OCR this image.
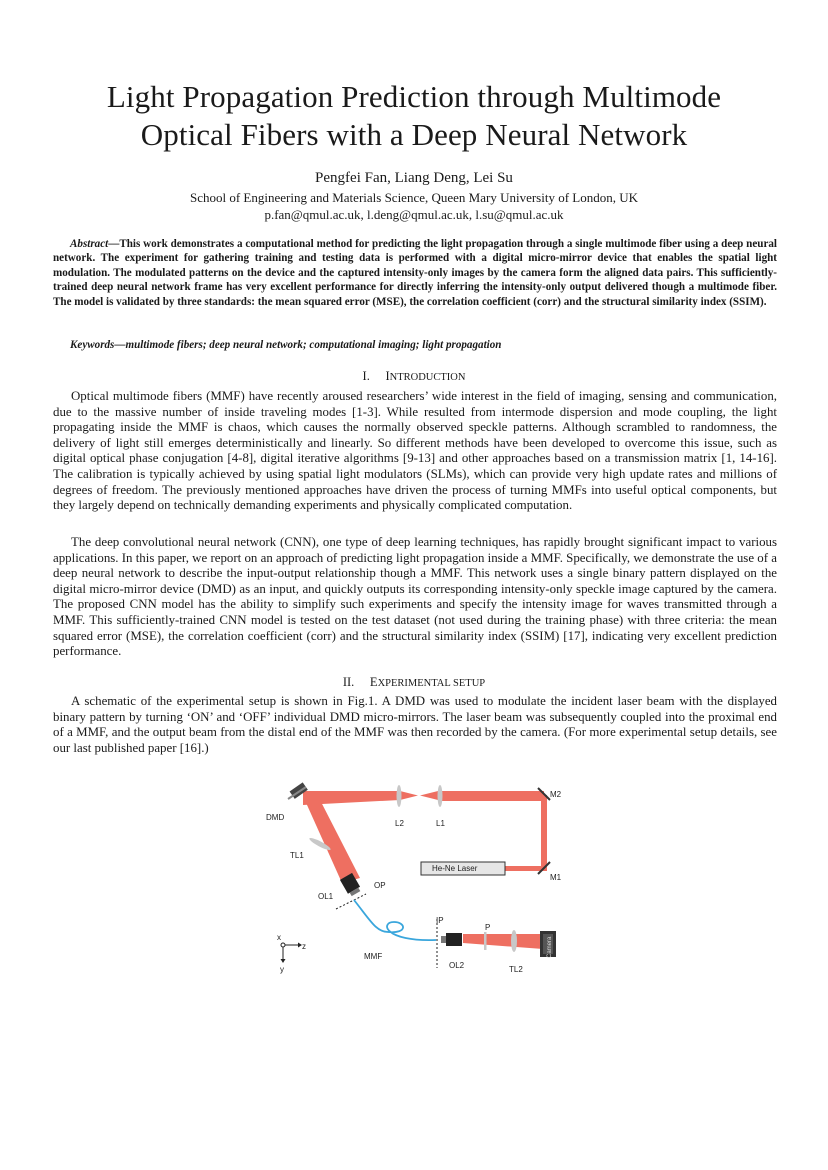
Light Propagation Prediction through Multimode
Optical Fibers with a Deep Neural Network
Pengfei Fan, Liang Deng, Lei Su
School of Engineering and Materials Science, Queen Mary University of London, UK
p.fan@qmul.ac.uk, l.deng@qmul.ac.uk, l.su@qmul.ac.uk

Abstract—This work demonstrates a computational method for predicting the light propagation through a single multimode fiber using a deep neural network. The experiment for gathering training and testing data is performed with a digital micro-mirror device that enables the spatial light modulation. The modulated patterns on the device and the captured intensity-only images by the camera form the aligned data pairs. This sufficiently-trained deep neural network frame has very excellent performance for directly inferring the intensity-only output delivered though a multimode fiber. The model is validated by three standards: the mean squared error (MSE), the correlation coefficient (corr) and the structural similarity index (SSIM).

Keywords—multimode fibers; deep neural network; computational imaging; light propagation

I. INTRODUCTION

Optical multimode fibers (MMF) have recently aroused researchers’ wide interest in the field of imaging, sensing and communication, due to the massive number of inside traveling modes [1-3]. While resulted from intermode dispersion and mode coupling, the light propagating inside the MMF is chaos, which causes the normally observed speckle patterns. Although scrambled to randomness, the delivery of light still emerges deterministically and linearly. So different methods have been developed to overcome this issue, such as digital optical phase conjugation [4-8], digital iterative algorithms [9-13] and other approaches based on a transmission matrix [1, 14-16]. The calibration is typically achieved by using spatial light modulators (SLMs), which can provide very high update rates and millions of degrees of freedom. The previously mentioned approaches have driven the process of turning MMFs into useful optical components, but they largely depend on technically demanding experiments and physically complicated computation.

The deep convolutional neural network (CNN), one type of deep learning techniques, has rapidly brought significant impact to various applications. In this paper, we report on an approach of predicting light propagation inside a MMF. Specifically, we demonstrate the use of a deep neural network to describe the input-output relationship though a MMF. This network uses a single binary pattern displayed on the digital micro-mirror device (DMD) as an input, and quickly outputs its corresponding intensity-only speckle image captured by the camera. The proposed CNN model has the ability to simplify such experiments and specify the intensity image for waves transmitted through a MMF. This sufficiently-trained CNN model is tested on the test dataset (not used during the training phase) with three criteria: the mean squared error (MSE), the correlation coefficient (corr) and the structural similarity index (SSIM) [17], indicating very excellent prediction performance.

II. EXPERIMENTAL SETUP

A schematic of the experimental setup is shown in Fig.1. A DMD was used to modulate the incident laser beam with the displayed binary pattern by turning ‘ON’ and ‘OFF’ individual DMD micro-mirrors. The laser beam was subsequently coupled into the proximal end of a MMF, and the output beam from the distal end of the MMF was then recorded by the camera. (For more experimental setup details, see our last published paper [16].)

Camera
DMD
L2	L1
M2
M1
TL1
He-Ne Laser
OL1
OP
IP
P
MMF
OL2	TL2
x
z
y
